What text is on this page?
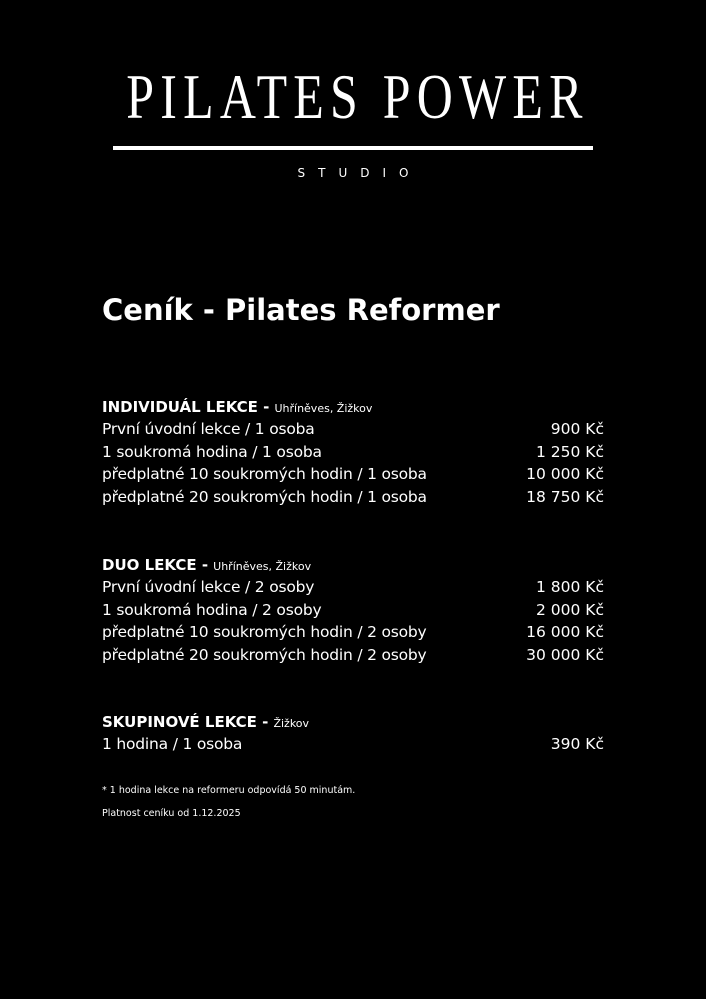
PILATES POWER
STUDIO
Ceník - Pilates Reformer
INDIVIDUÁL LEKCE - Uhříněves, Žižkov
První úvodní lekce / 1 osoba	900 Kč
1 soukromá hodina / 1 osoba	1 250 Kč
předplatné 10 soukromých hodin / 1 osoba	10 000 Kč
předplatné 20 soukromých hodin / 1 osoba	18 750 Kč
DUO LEKCE - Uhříněves, Žižkov
První úvodní lekce / 2 osoby	1 800 Kč
1 soukromá hodina / 2 osoby	2 000 Kč
předplatné 10 soukromých hodin / 2 osoby	16 000 Kč
předplatné 20 soukromých hodin / 2 osoby	30 000 Kč
SKUPINOVÉ LEKCE - Žižkov
1 hodina / 1 osoba	390 Kč
* 1 hodina lekce na reformeru odpovídá 50 minutám.
Platnost ceníku od 1.12.2025
